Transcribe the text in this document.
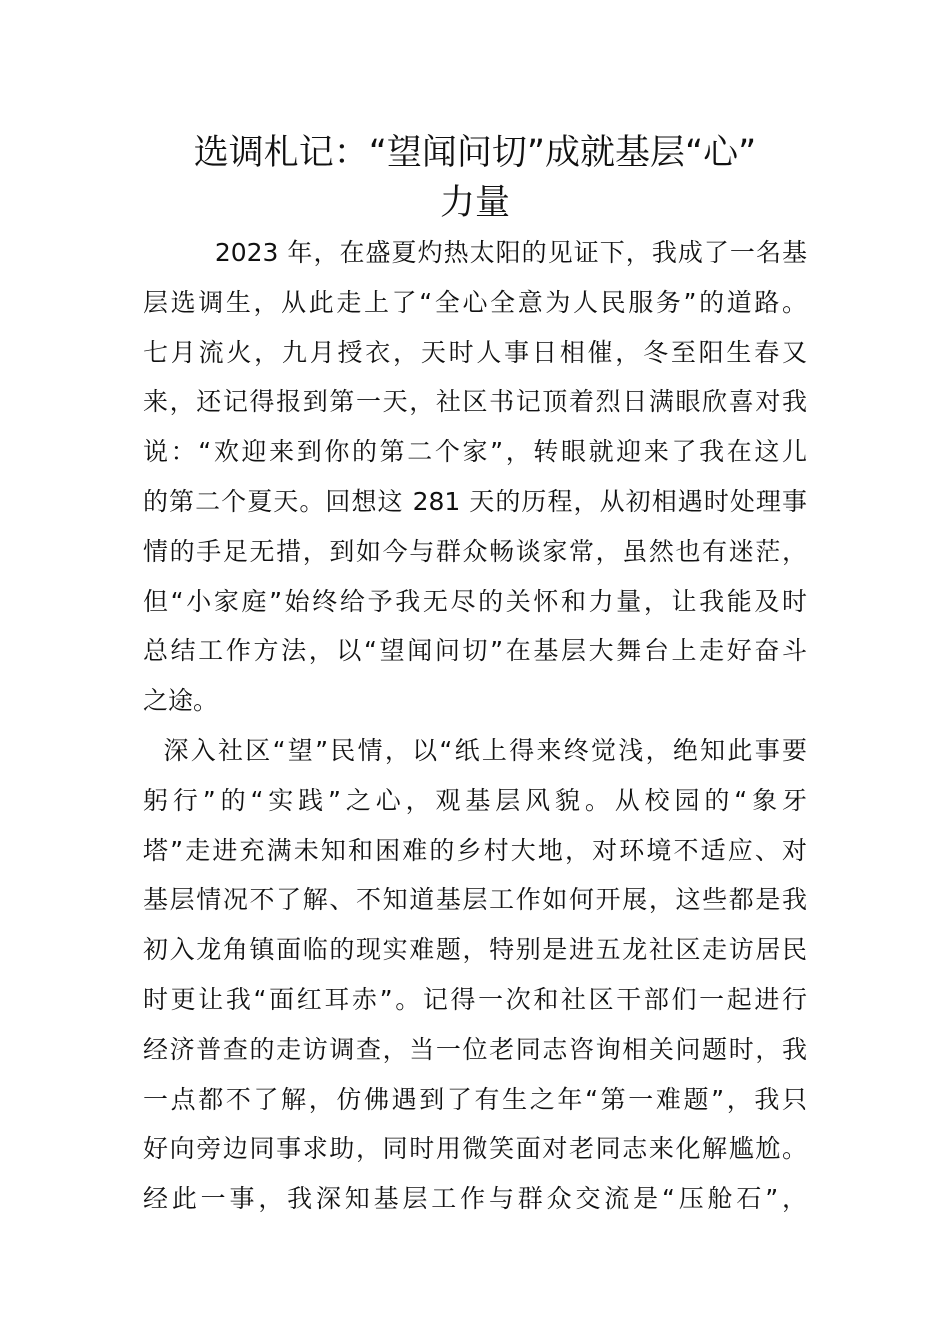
选调札记：“望闻问切”成就基层“心”
力量
2023 年，在盛夏灼热太阳的见证下，我成了一名基
层选调生，从此走上了“全心全意为人民服务”的道路。
七月流火，九月授衣，天时人事日相催，冬至阳生春又
来，还记得报到第一天，社区书记顶着烈日满眼欣喜对我
说：“欢迎来到你的第二个家”，转眼就迎来了我在这儿
的第二个夏天。回想这 281 天的历程，从初相遇时处理事
情的手足无措，到如今与群众畅谈家常，虽然也有迷茫，
但“小家庭”始终给予我无尽的关怀和力量，让我能及时
总结工作方法，以“望闻问切”在基层大舞台上走好奋斗
之途。
深入社区“望”民情，以“纸上得来终觉浅，绝知此事要
躬行”的“实践”之心，观基层风貌。从校园的“象牙
塔”走进充满未知和困难的乡村大地，对环境不适应、对
基层情况不了解、不知道基层工作如何开展，这些都是我
初入龙角镇面临的现实难题，特别是进五龙社区走访居民
时更让我“面红耳赤”。记得一次和社区干部们一起进行
经济普查的走访调查，当一位老同志咨询相关问题时，我
一点都不了解，仿佛遇到了有生之年“第一难题”，我只
好向旁边同事求助，同时用微笑面对老同志来化解尴尬。
经此一事，我深知基层工作与群众交流是“压舱石”，
